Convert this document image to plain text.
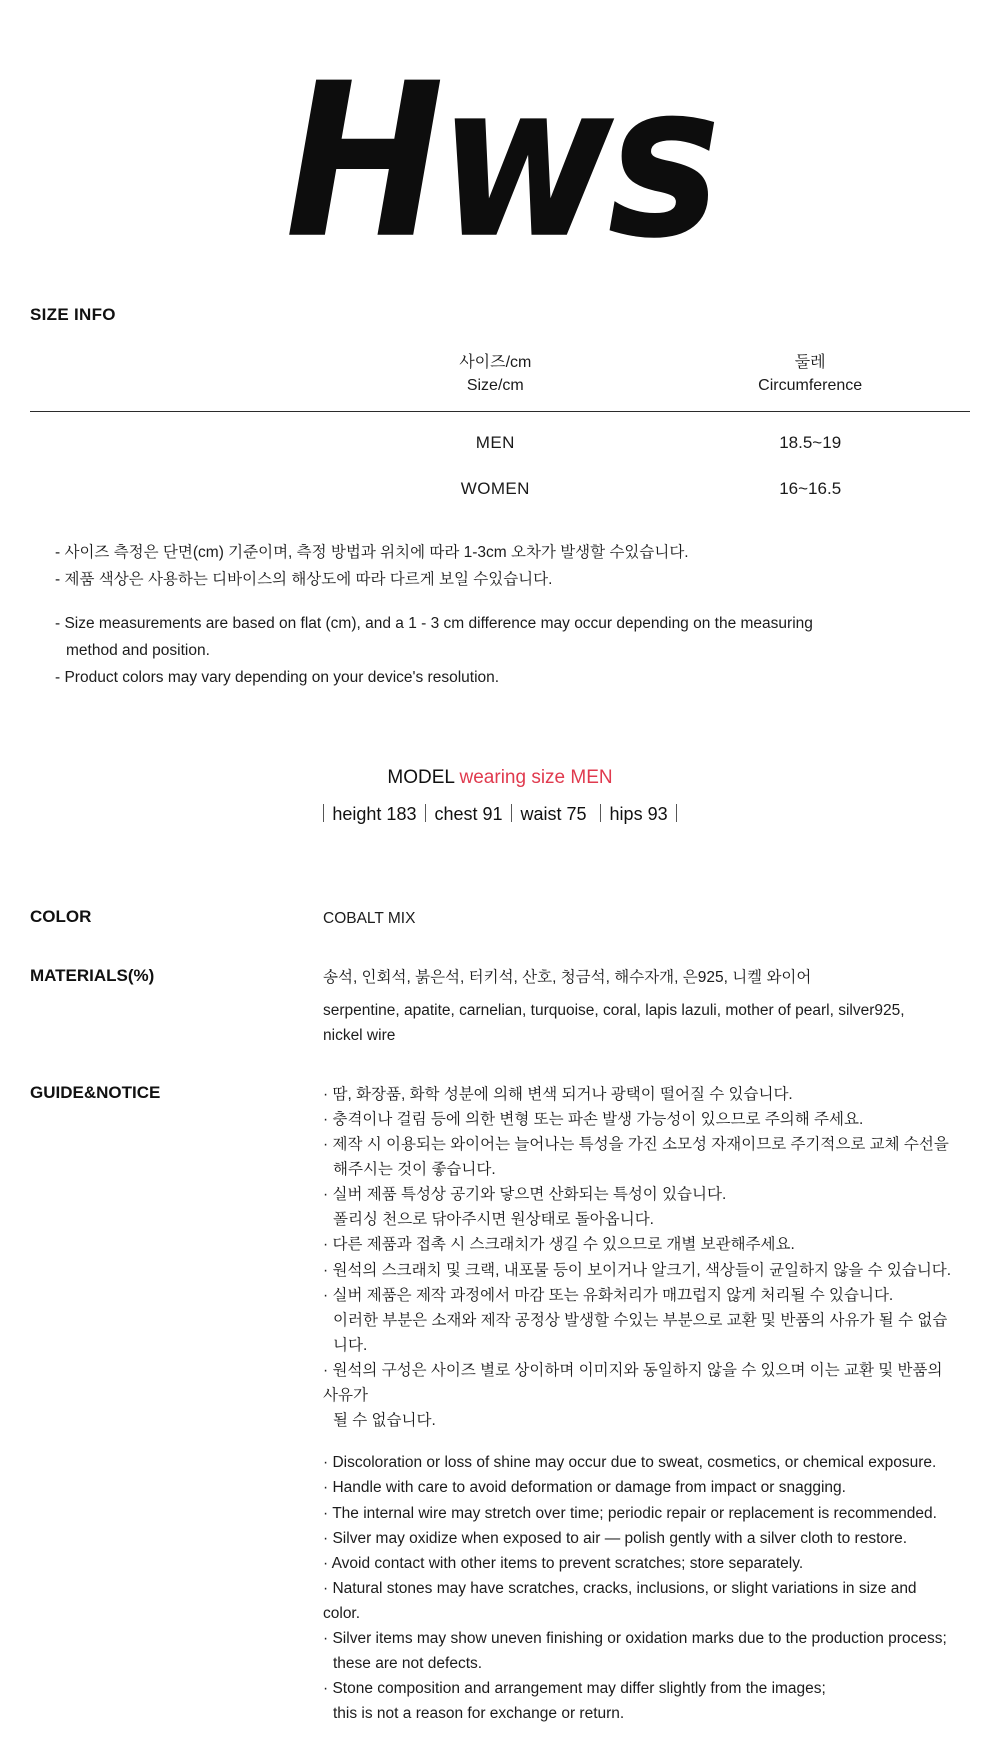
Hws
SIZE INFO

사이즈/cm
Size/cm

둘레
Circumference

	MEN	18.5~19
	WOMEN	16~16.5

- 사이즈 측정은 단면(cm) 기준이며, 측정 방법과 위치에 따라 1-3cm 오차가 발생할 수있습니다.

- 제품 색상은 사용하는 디바이스의 해상도에 따라 다르게 보일 수있습니다.

- Size measurements are based on flat (cm), and a 1 - 3 cm difference may occur depending on the measuring

method and position.

- Product colors may vary depending on your device's resolution.

MODEL wearing size MEN
｜height 183｜chest 91｜waist 75 ｜hips 93｜
COLOR	COBALT MIX

MATERIALS(%)	송석, 인회석, 붉은석, 터키석, 산호, 청금석, 해수자개, 은925, 니켈 와이어

serpentine, apatite, carnelian, turquoise, coral, lapis lazuli, mother of pearl, silver925,

nickel wire

GUIDE&NOTICE	· 땀, 화장품, 화학 성분에 의해 변색 되거나 광택이 떨어질 수 있습니다.

· 충격이나 걸림 등에 의한 변형 또는 파손 발생 가능성이 있으므로 주의해 주세요.

· 제작 시 이용되는 와이어는 늘어나는 특성을 가진 소모성 자재이므로 주기적으로 교체 수선을

해주시는 것이 좋습니다.

· 실버 제품 특성상 공기와 닿으면 산화되는 특성이 있습니다.

폴리싱 천으로 닦아주시면 원상태로 돌아옵니다.

· 다른 제품과 접촉 시 스크래치가 생길 수 있으므로 개별 보관해주세요.

· 원석의 스크래치 및 크랙, 내포물 등이 보이거나 알크기, 색상들이 균일하지 않을 수 있습니다.

· 실버 제품은 제작 과정에서 마감 또는 유화처리가 매끄럽지 않게 처리될 수 있습니다.

이러한 부분은 소재와 제작 공정상 발생할 수있는 부분으로 교환 및 반품의 사유가 될 수 없습니다.

· 원석의 구성은 사이즈 별로 상이하며 이미지와 동일하지 않을 수 있으며 이는 교환 및 반품의 사유가

될 수 없습니다.

· Discoloration or loss of shine may occur due to sweat, cosmetics, or chemical exposure.

· Handle with care to avoid deformation or damage from impact or snagging.

· The internal wire may stretch over time; periodic repair or replacement is recommended.

· Silver may oxidize when exposed to air — polish gently with a silver cloth to restore.

· Avoid contact with other items to prevent scratches; store separately.

· Natural stones may have scratches, cracks, inclusions, or slight variations in size and color.

· Silver items may show uneven finishing or oxidation marks due to the production process;

these are not defects.

· Stone composition and arrangement may differ slightly from the images;

this is not a reason for exchange or return.
